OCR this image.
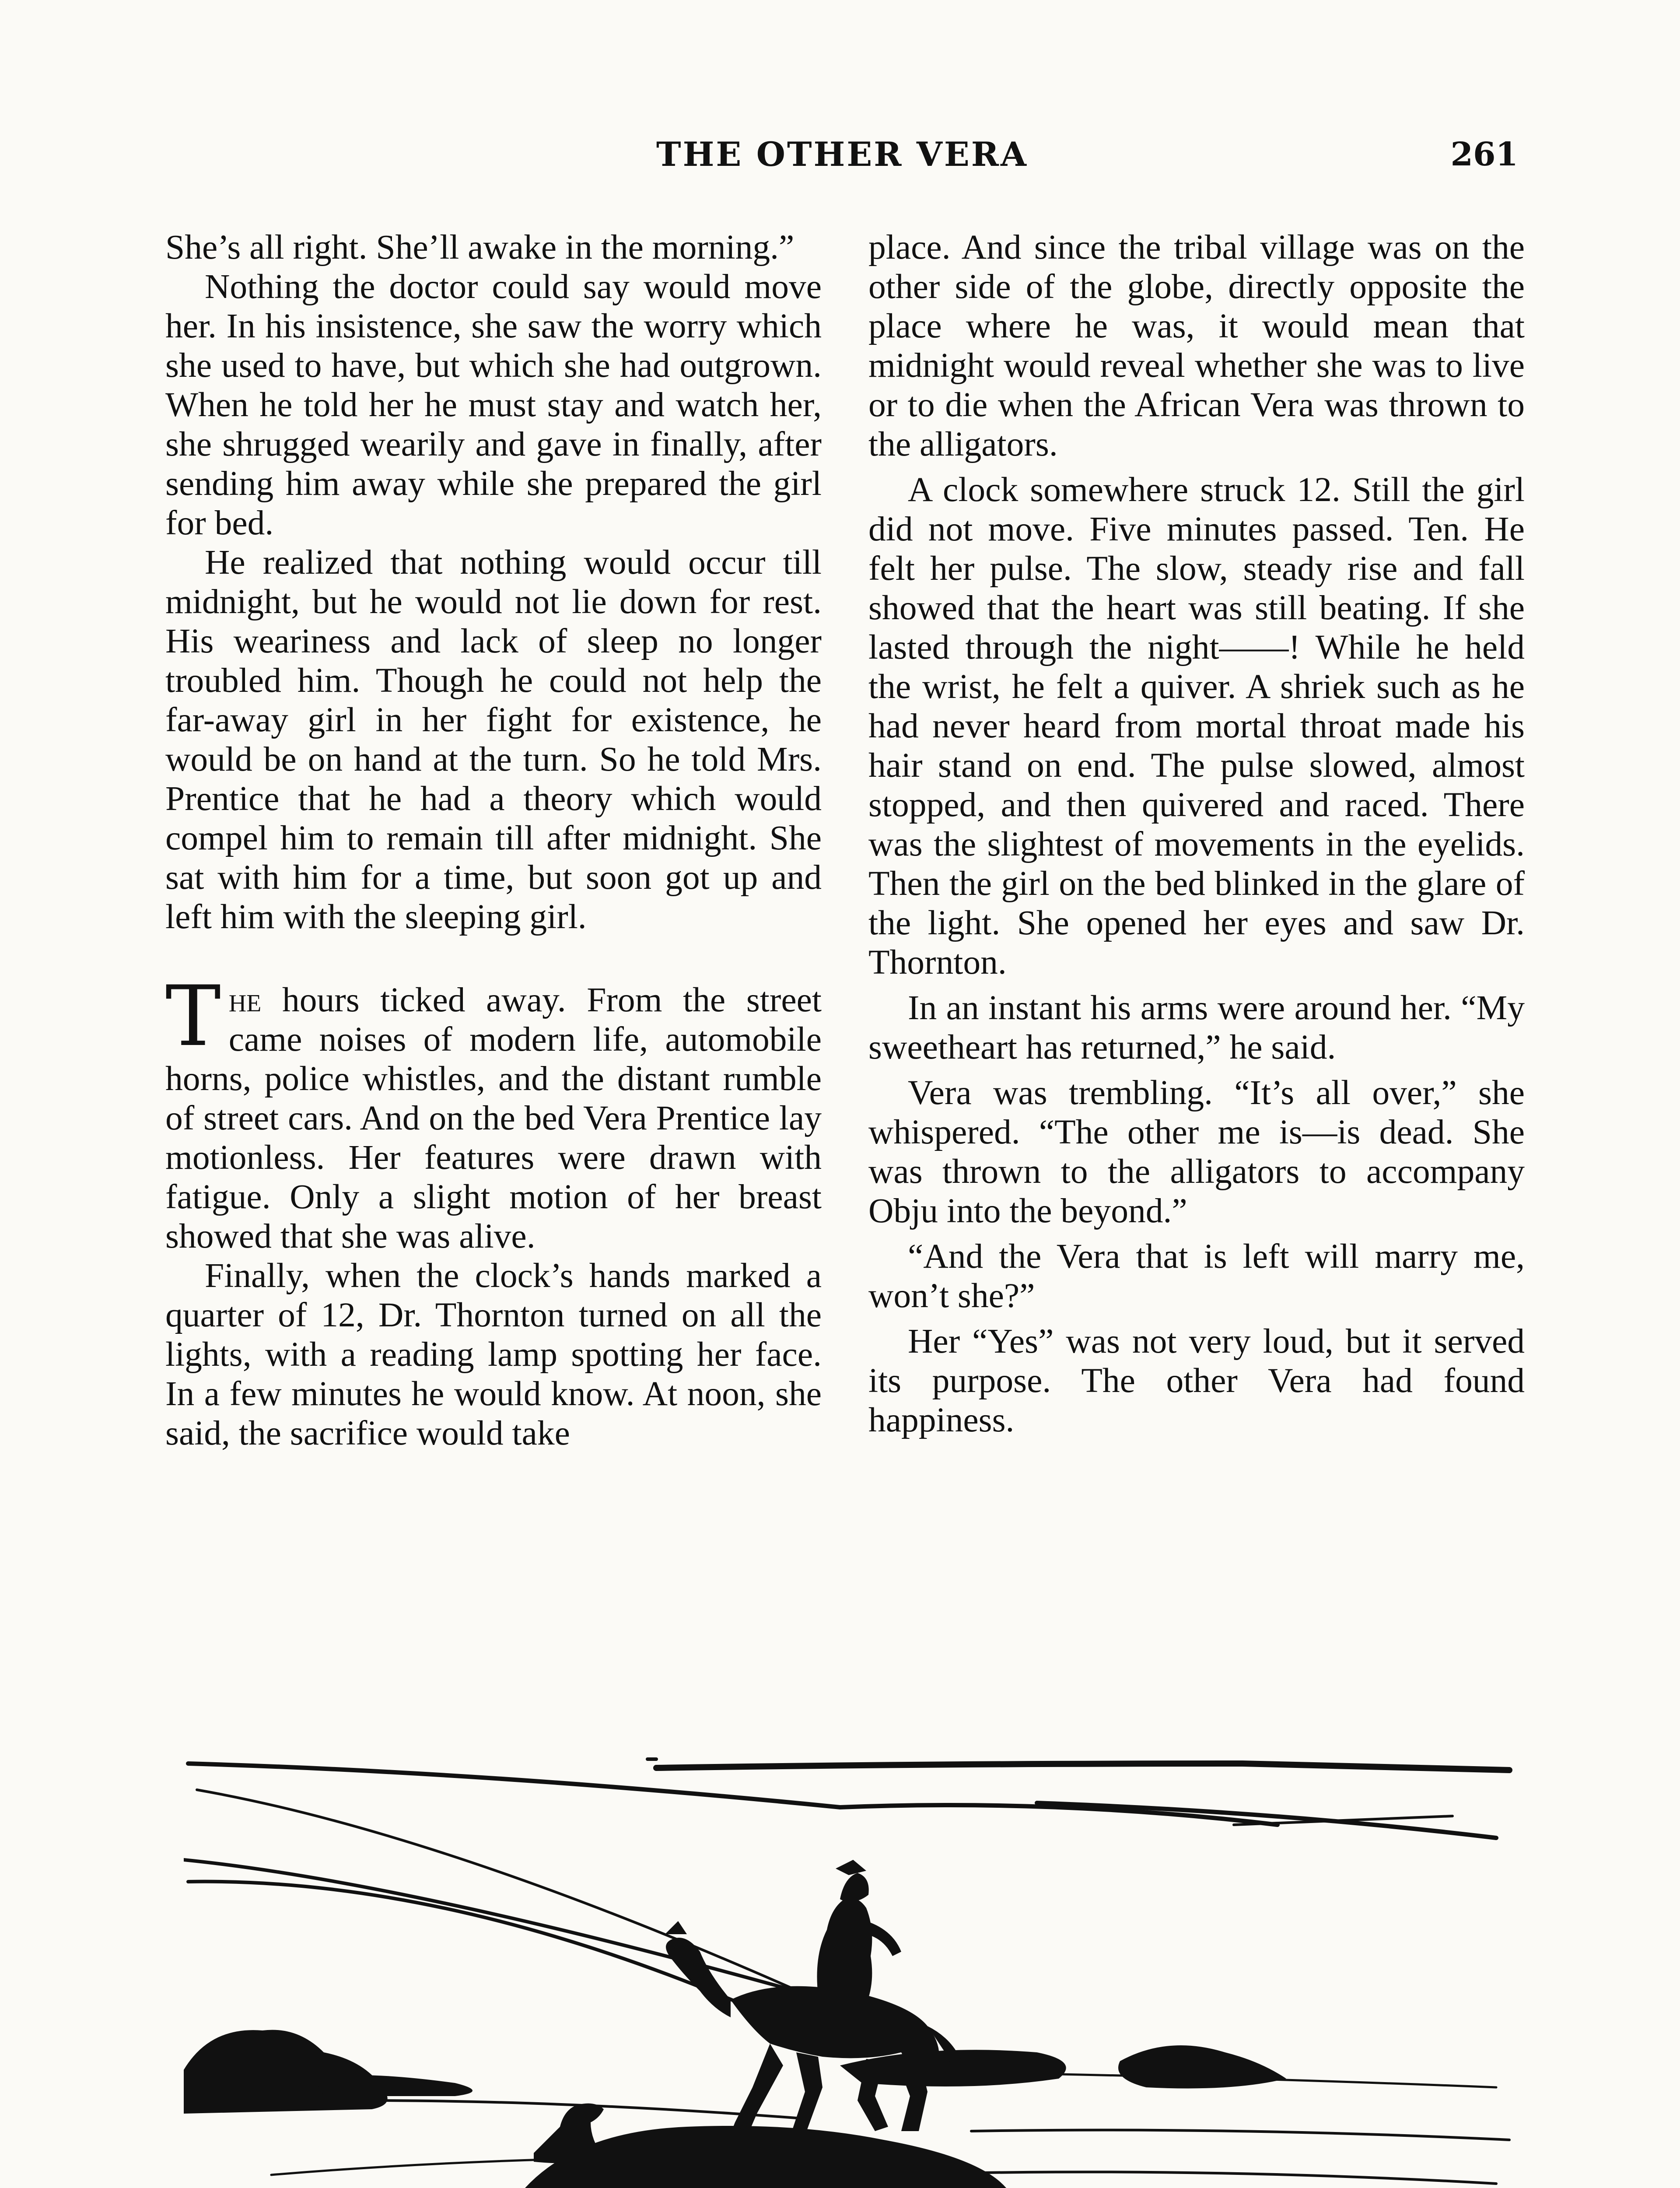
THE OTHER VERA	261

She’s all right. She’ll awake in the morning.”

Nothing the doctor could say would move her. In his insistence, she saw the worry which she used to have, but which she had outgrown. When he told her he must stay and watch her, she shrugged wearily and gave in finally, after sending him away while she prepared the girl for bed.

He realized that nothing would occur till midnight, but he would not lie down for rest. His weariness and lack of sleep no longer troubled him. Though he could not help the far-away girl in her fight for existence, he would be on hand at the turn. So he told Mrs. Prentice that he had a theory which would compel him to remain till after midnight. She sat with him for a time, but soon got up and left him with the sleeping girl.

The hours ticked away. From the street came noises of modern life, automobile horns, police whistles, and the distant rumble of street cars. And on the bed Vera Prentice lay motionless. Her features were drawn with fatigue. Only a slight motion of her breast showed that she was alive.

Finally, when the clock’s hands marked a quarter of 12, Dr. Thornton turned on all the lights, with a reading lamp spotting her face. In a few minutes he would know. At noon, she said, the sacrifice would take

place. And since the tribal village was on the other side of the globe, directly opposite the place where he was, it would mean that midnight would reveal whether she was to live or to die when the African Vera was thrown to the alligators.

A clock somewhere struck 12. Still the girl did not move. Five minutes passed. Ten. He felt her pulse. The slow, steady rise and fall showed that the heart was still beating. If she lasted through the night——! While he held the wrist, he felt a quiver. A shriek such as he had never heard from mortal throat made his hair stand on end. The pulse slowed, almost stopped, and then quivered and raced. There was the slightest of movements in the eyelids. Then the girl on the bed blinked in the glare of the light. She opened her eyes and saw Dr. Thornton.

In an instant his arms were around her. “My sweetheart has returned,” he said.

Vera was trembling. “It’s all over,” she whispered. “The other me is—is dead. She was thrown to the alligators to accompany Obju into the beyond.”

“And the Vera that is left will marry me, won’t she?”

Her “Yes” was not very loud, but it served its purpose. The other Vera had found happiness.
